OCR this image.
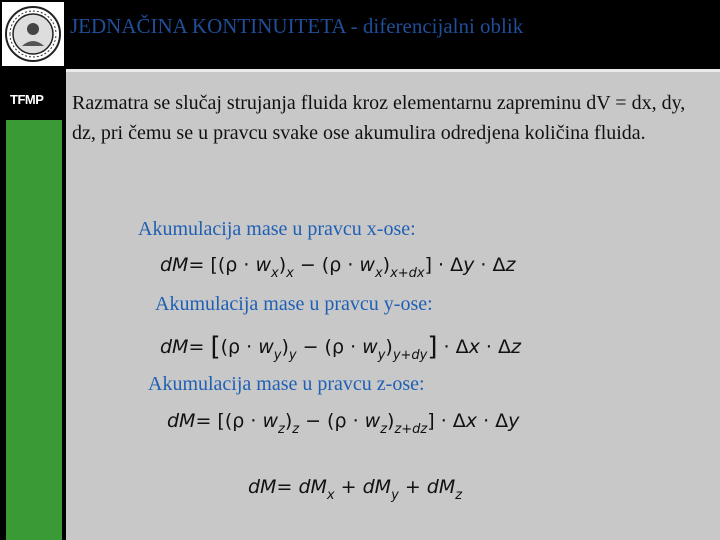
JEDNAČINA KONTINUITETA - diferencijalni oblik
TFMP Razmatra se slučaj strujanja fluida kroz elementarnu zapreminu dV = dx, dy, dz, pri čemu se u pravcu svake ose akumulira odredjena količina fluida.

Akumulacija mase u pravcu x-ose:
$dM= [(\rho \cdot w_x)_x - (\rho \cdot w_x)_{x+dx}] \cdot \Delta y \cdot \Delta z$
Akumulacija mase u pravcu y-ose:
$dM= [(\rho \cdot w_y)_y - (\rho \cdot w_y)_{y+dy}] \cdot \Delta x \cdot \Delta z$
Akumulacija mase u pravcu z-ose:
$dM= [(\rho \cdot w_z)_z - (\rho \cdot w_z)_{z+dz}] \cdot \Delta x \cdot \Delta y$
$dM= dM_x + dM_y + dM_z$
